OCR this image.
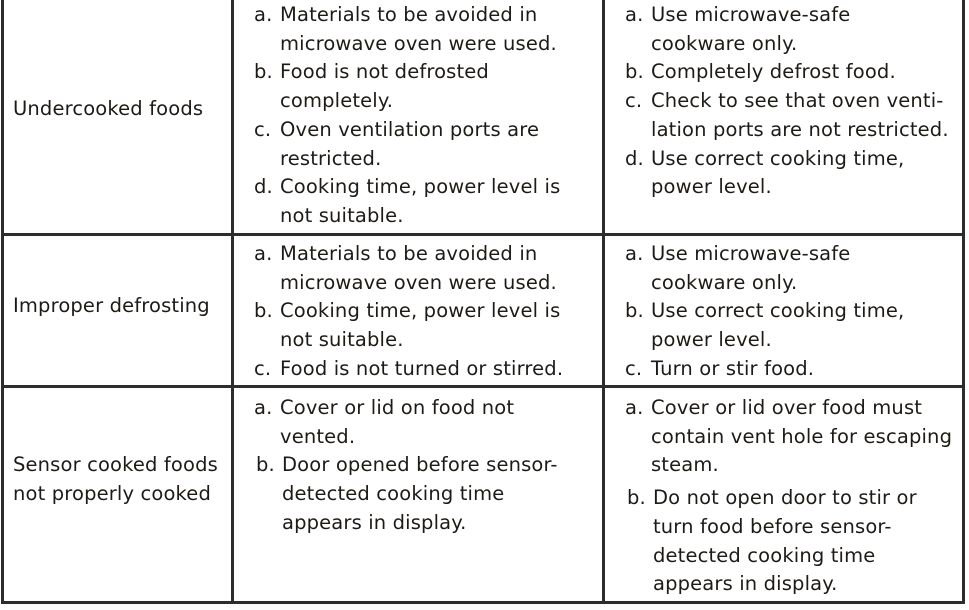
Undercooked foods
a. Materials to be avoided in
microwave oven were used.
b. Food is not defrosted
completely.
c. Oven ventilation ports are
restricted.
d. Cooking time, power level is
not suitable.
a. Use microwave-safe
cookware only.
b. Completely defrost food.
c. Check to see that oven venti-
lation ports are not restricted.
d. Use correct cooking time,
power level.
Improper defrosting
a. Materials to be avoided in
microwave oven were used.
b. Cooking time, power level is
not suitable.
c. Food is not turned or stirred.
a. Use microwave-safe
cookware only.
b. Use correct cooking time,
power level.
c. Turn or stir food.
Sensor cooked foods
not properly cooked
a. Cover or lid on food not
vented.
b. Door opened before sensor-
detected cooking time
appears in display.
a. Cover or lid over food must
contain vent hole for escaping
steam.
b. Do not open door to stir or
turn food before sensor-
detected cooking time
appears in display.
